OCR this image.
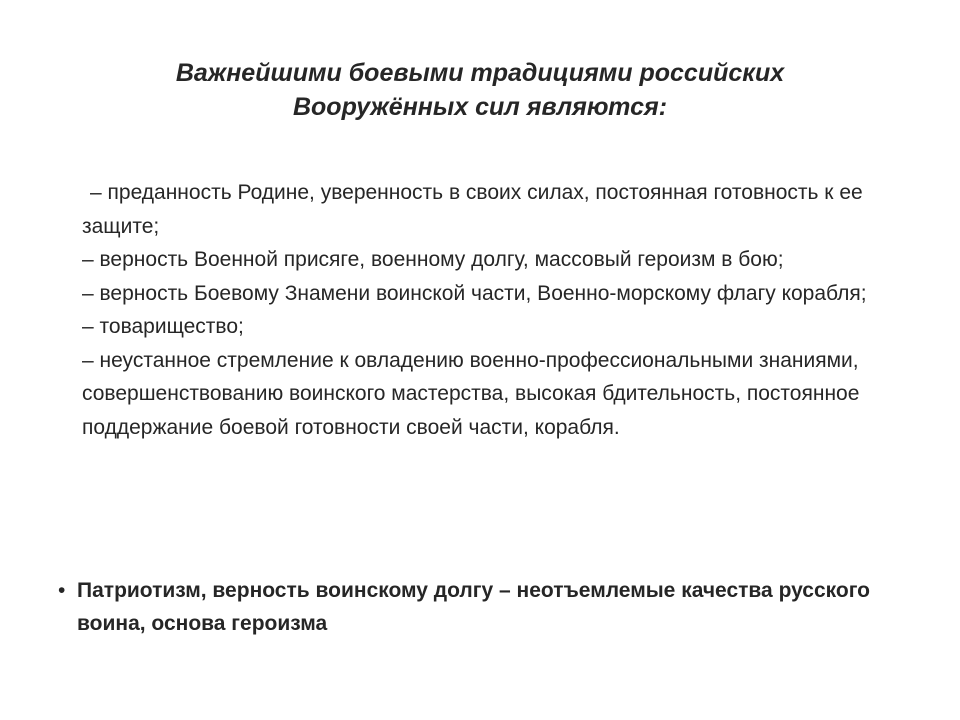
Важнейшими боевыми традициями российских
Вооружённых сил являются:

– преданность Родине, уверенность в своих силах, постоянная готовность к ее защите;

– верность Военной присяге, военному долгу, массовый героизм в бою;

– верность Боевому Знамени воинской части, Военно-морскому флагу корабля;

– товарищество;

– неустанное стремление к овладению военно-профессиональными знаниями, совершенствованию воинского мастерства, высокая бдительность, постоянное поддержание боевой готовности своей части, корабля.

• Патриотизм, верность воинскому долгу – неотъемлемые качества русского воина, основа героизма
